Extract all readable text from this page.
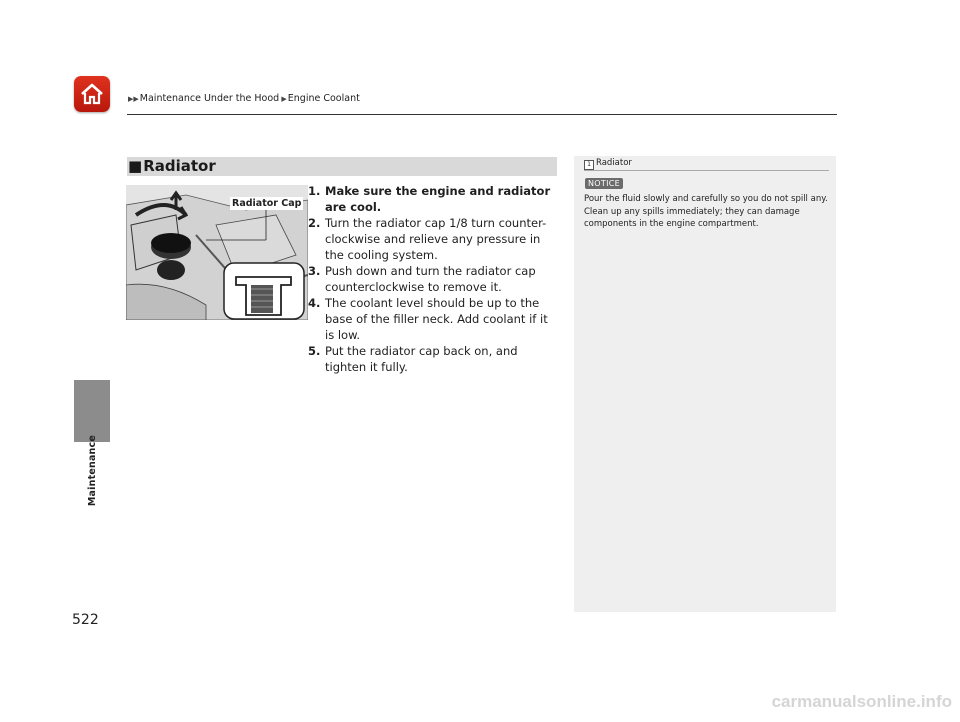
▶▶Maintenance Under the Hood ▶Engine Coolant
Maintenance
522
■Radiator
Radiator Cap

1. Make sure the engine and radiator are cool.

2. Turn the radiator cap 1/8 turn counter-clockwise and relieve any pressure in the cooling system.

3. Push down and turn the radiator cap counterclockwise to remove it.

4. The coolant level should be up to the base of the filler neck. Add coolant if it is low.

5. Put the radiator cap back on, and tighten it fully.

1 Radiator
NOTICE
Pour the fluid slowly and carefully so you do not spill any. Clean up any spills immediately; they can damage components in the engine compartment.
carmanualsonline.info
